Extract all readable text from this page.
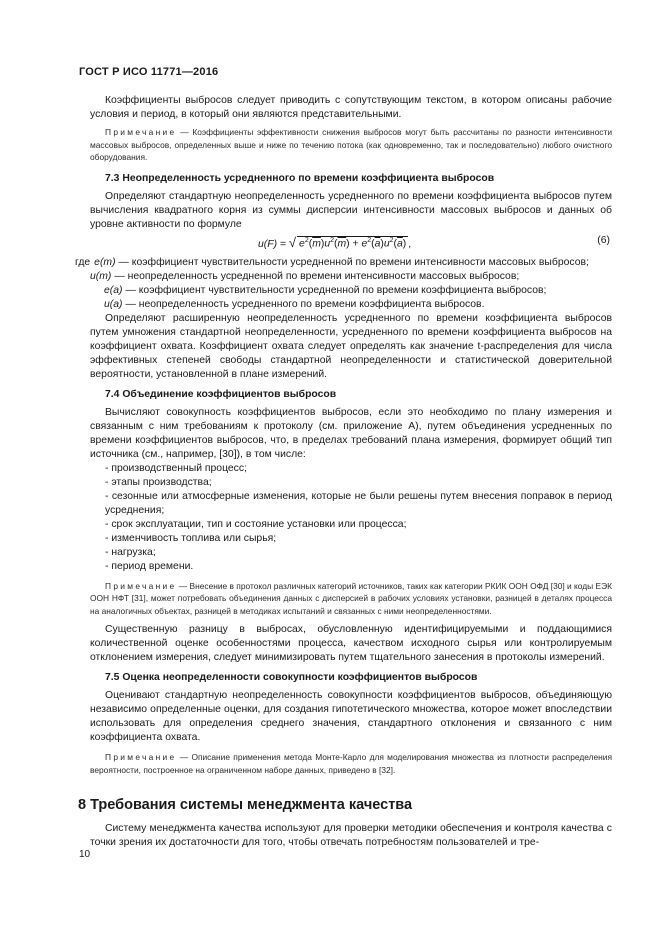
ГОСТ Р ИСО 11771—2016

Коэффициенты выбросов следует приводить с сопутствующим текстом, в котором описаны рабочие условия и период, в который они являются представительными.

Примечание — Коэффициенты эффективности снижения выбросов могут быть рассчитаны по разности интенсивности массовых выбросов, определенных выше и ниже по течению потока (как одновременно, так и последовательно) любого очистного оборудования.

7.3 Неопределенность усредненного по времени коэффициента выбросов

Определяют стандартную неопределенность усредненного по времени коэффициента выбросов путем вычисления квадратного корня из суммы дисперсии интенсивности массовых выбросов и данных об уровне активности по формуле

u(F) = √ $e^2(\overline{m})u^2(\overline{m}) + e^2(\overline{a})u^2(\overline{a})$ ,	(6)
где e(m) — коэффициент чувствительности усредненной по времени интенсивности массовых выбросов;
u(m) — неопределенность усредненной по времени интенсивности массовых выбросов;
e(a) — коэффициент чувствительности усредненной по времени коэффициента выбросов;
u(a) — неопределенность усредненного по времени коэффициента выбросов.

Определяют расширенную неопределенность усредненного по времени коэффициента выбросов путем умножения стандартной неопределенности, усредненного по времени коэффициента выбросов на коэффициент охвата. Коэффициент охвата следует определять как значение t-распределения для числа эффективных степеней свободы стандартной неопределенности и статистической доверительной вероятности, установленной в плане измерений.

7.4 Объединение коэффициентов выбросов

Вычисляют совокупность коэффициентов выбросов, если это необходимо по плану измерения и связанным с ним требованиям к протоколу (см. приложение А), путем объединения усредненных по времени коэффициентов выбросов, что, в пределах требований плана измерения, формирует общий тип источника (см., например, [30]), в том числе:

- производственный процесс;

- этапы производства;

- сезонные или атмосферные изменения, которые не были решены путем внесения поправок в период усреднения;

- срок эксплуатации, тип и состояние установки или процесса;

- изменчивость топлива или сырья;

- нагрузка;

- период времени.

Примечание — Внесение в протокол различных категорий источников, таких как категории РКИК ООН ОФД [30] и коды ЕЭК ООН НФТ [31], может потребовать объединения данных с дисперсией в рабочих условиях установки, разницей в деталях процесса на аналогичных объектах, разницей в методиках испытаний и связанных с ними неопределенностями.

Существенную разницу в выбросах, обусловленную идентифицируемыми и поддающимися количественной оценке особенностями процесса, качеством исходного сырья или контролируемым отклонением измерения, следует минимизировать путем тщательного занесения в протоколы измерений.

7.5 Оценка неопределенности совокупности коэффициентов выбросов

Оценивают стандартную неопределенность совокупности коэффициентов выбросов, объединяющую независимо определенные оценки, для создания гипотетического множества, которое может впоследствии использовать для определения среднего значения, стандартного отклонения и связанного с ним коэффициента охвата.

Примечание — Описание применения метода Монте-Карло для моделирования множества из плотности распределения вероятности, построенное на ограниченном наборе данных, приведено в [32].

8 Требования системы менеджмента качества

Систему менеджмента качества используют для проверки методики обеспечения и контроля качества с точки зрения их достаточности для того, чтобы отвечать потребностям пользователей и тре-

10
